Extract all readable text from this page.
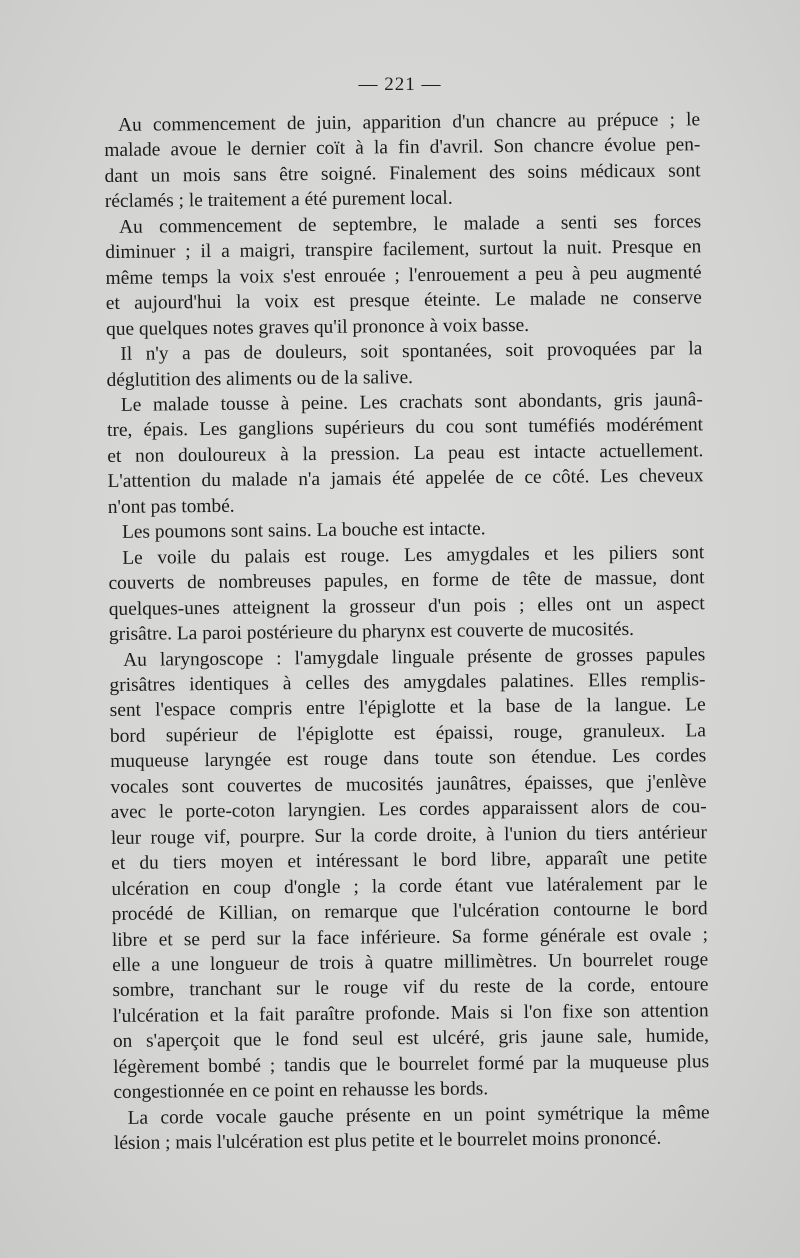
— 221 —
Au commencement de juin, apparition d'un chancre au prépuce ; le
malade avoue le dernier coït à la fin d'avril. Son chancre évolue pen-
dant un mois sans être soigné. Finalement des soins médicaux sont
réclamés ; le traitement a été purement local.
Au commencement de septembre, le malade a senti ses forces
diminuer ; il a maigri, transpire facilement, surtout la nuit. Presque en
même temps la voix s'est enrouée ; l'enrouement a peu à peu augmenté
et aujourd'hui la voix est presque éteinte. Le malade ne conserve
que quelques notes graves qu'il prononce à voix basse.
Il n'y a pas de douleurs, soit spontanées, soit provoquées par la
déglutition des aliments ou de la salive.
Le malade tousse à peine. Les crachats sont abondants, gris jaunâ-
tre, épais. Les ganglions supérieurs du cou sont tuméfiés modérément
et non douloureux à la pression. La peau est intacte actuellement.
L'attention du malade n'a jamais été appelée de ce côté. Les cheveux
n'ont pas tombé.
Les poumons sont sains. La bouche est intacte.
Le voile du palais est rouge. Les amygdales et les piliers sont
couverts de nombreuses papules, en forme de tête de massue, dont
quelques-unes atteignent la grosseur d'un pois ; elles ont un aspect
grisâtre. La paroi postérieure du pharynx est couverte de mucosités.
Au laryngoscope : l'amygdale linguale présente de grosses papules
grisâtres identiques à celles des amygdales palatines. Elles remplis-
sent l'espace compris entre l'épiglotte et la base de la langue. Le
bord supérieur de l'épiglotte est épaissi, rouge, granuleux. La
muqueuse laryngée est rouge dans toute son étendue. Les cordes
vocales sont couvertes de mucosités jaunâtres, épaisses, que j'enlève
avec le porte-coton laryngien. Les cordes apparaissent alors de cou-
leur rouge vif, pourpre. Sur la corde droite, à l'union du tiers antérieur
et du tiers moyen et intéressant le bord libre, apparaît une petite
ulcération en coup d'ongle ; la corde étant vue latéralement par le
procédé de Killian, on remarque que l'ulcération contourne le bord
libre et se perd sur la face inférieure. Sa forme générale est ovale ;
elle a une longueur de trois à quatre millimètres. Un bourrelet rouge
sombre, tranchant sur le rouge vif du reste de la corde, entoure
l'ulcération et la fait paraître profonde. Mais si l'on fixe son attention
on s'aperçoit que le fond seul est ulcéré, gris jaune sale, humide,
légèrement bombé ; tandis que le bourrelet formé par la muqueuse plus
congestionnée en ce point en rehausse les bords.
La corde vocale gauche présente en un point symétrique la même
lésion ; mais l'ulcération est plus petite et le bourrelet moins prononcé.
